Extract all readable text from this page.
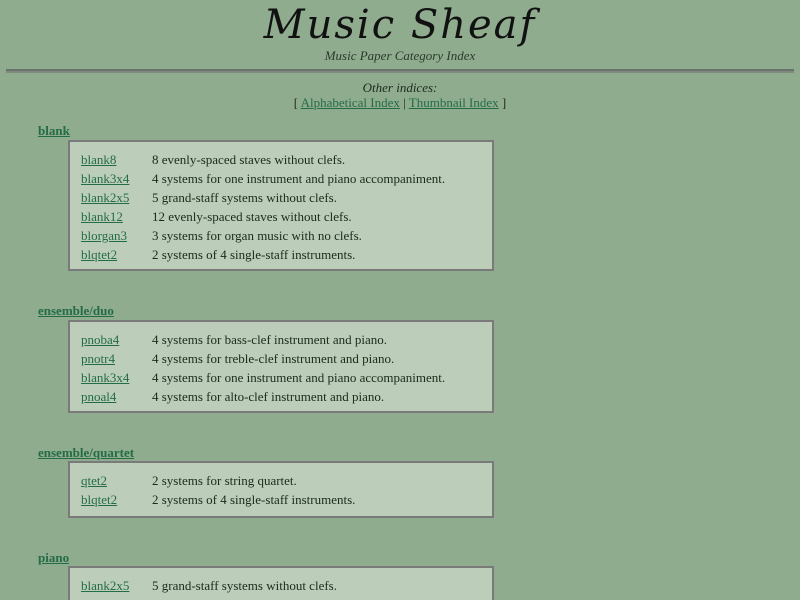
Music Sheaf
Music Paper Category Index
Other indices:
[ Alphabetical Index | Thumbnail Index ]
blank
blank8	8 evenly-spaced staves without clefs.
blank3x4	4 systems for one instrument and piano accompaniment.
blank2x5	5 grand-staff systems without clefs.
blank12	12 evenly-spaced staves without clefs.
blorgan3	3 systems for organ music with no clefs.
blqtet2	2 systems of 4 single-staff instruments.
ensemble/duo
pnoba4	4 systems for bass-clef instrument and piano.
pnotr4	4 systems for treble-clef instrument and piano.
blank3x4	4 systems for one instrument and piano accompaniment.
pnoal4	4 systems for alto-clef instrument and piano.
ensemble/quartet
qtet2	2 systems for string quartet.
blqtet2	2 systems of 4 single-staff instruments.
piano
blank2x5	5 grand-staff systems without clefs.
